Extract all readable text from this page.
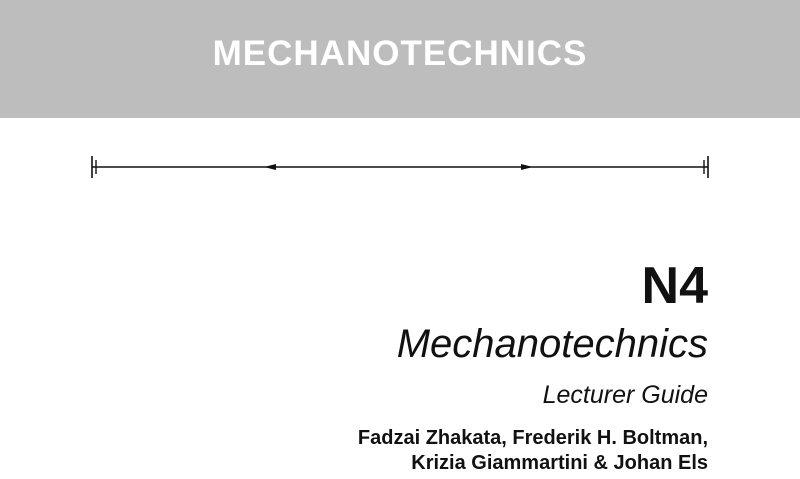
MECHANOTECHNICS
N4
Mechanotechnics
Lecturer Guide
Fadzai Zhakata, Frederik H. Boltman,
Krizia Giammartini & Johan Els
